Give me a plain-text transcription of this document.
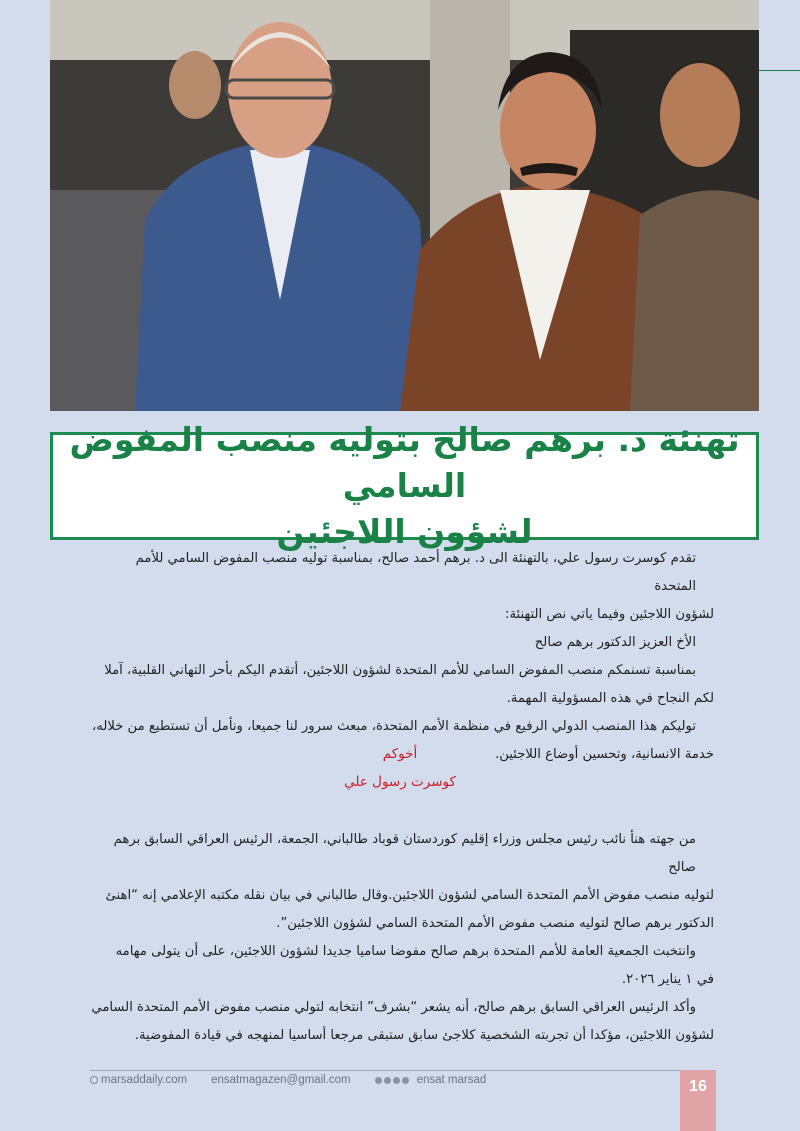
تهنئة د. برهم صالح بتوليه منصب المفوض السامي
لشؤون اللاجئين

تقدم كوسرت رسول علي، بالتهنئة الى د. برهم أحمد صالح، بمناسبة توليه منصب المفوض السامي للأمم المتحدة

لشؤون اللاجئين وفيما ياتي نص التهنئة:

الأخ العزيز الدكتور برهم صالح

بمناسبة تسنمكم منصب المفوض السامي للأمم المتحدة لشؤون اللاجئين، أتقدم اليكم بأحر التهاني القلبية، آملا

لكم النجاح في هذه المسؤولية المهمة.

توليكم هذا المنصب الدولي الرفيع في منظمة الأمم المتحدة، مبعث سرور لنا جميعا، ونأمل أن تستطيع من خلاله،

خدمة الانسانية، وتحسين أوضاع اللاجئين.

أخوكم
كوسرت رسول علي

من جهته هنأ نائب رئيس مجلس وزراء إقليم كوردستان قوباد طالباني، الجمعة، الرئيس العراقي السابق برهم صالح

لتوليه منصب مفوض الأمم المتحدة السامي لشؤون اللاجئين.وقال طالباني في بيان نقله مكتبه الإعلامي إنه “اهنئ

الدكتور برهم صالح لتوليه منصب مفوض الأمم المتحدة السامي لشؤون اللاجئين”.

وانتخبت الجمعية العامة للأمم المتحدة برهم صالح مفوضا ساميا جديدا لشؤون اللاجئين، على أن يتولى مهامه

في ١ يناير ٢٠٢٦.

وأكد الرئيس العراقي السابق برهم صالح، أنه يشعر “بشرف” انتخابه لتولي منصب مفوض الأمم المتحدة السامي

لشؤون اللاجئين، مؤكدا أن تجربته الشخصية كلاجئ سابق ستبقى مرجعا أساسيا لمنهجه في قيادة المفوضية.

marsaddaily.com ensatmagazen@gmail.com	ensat marsad	16
